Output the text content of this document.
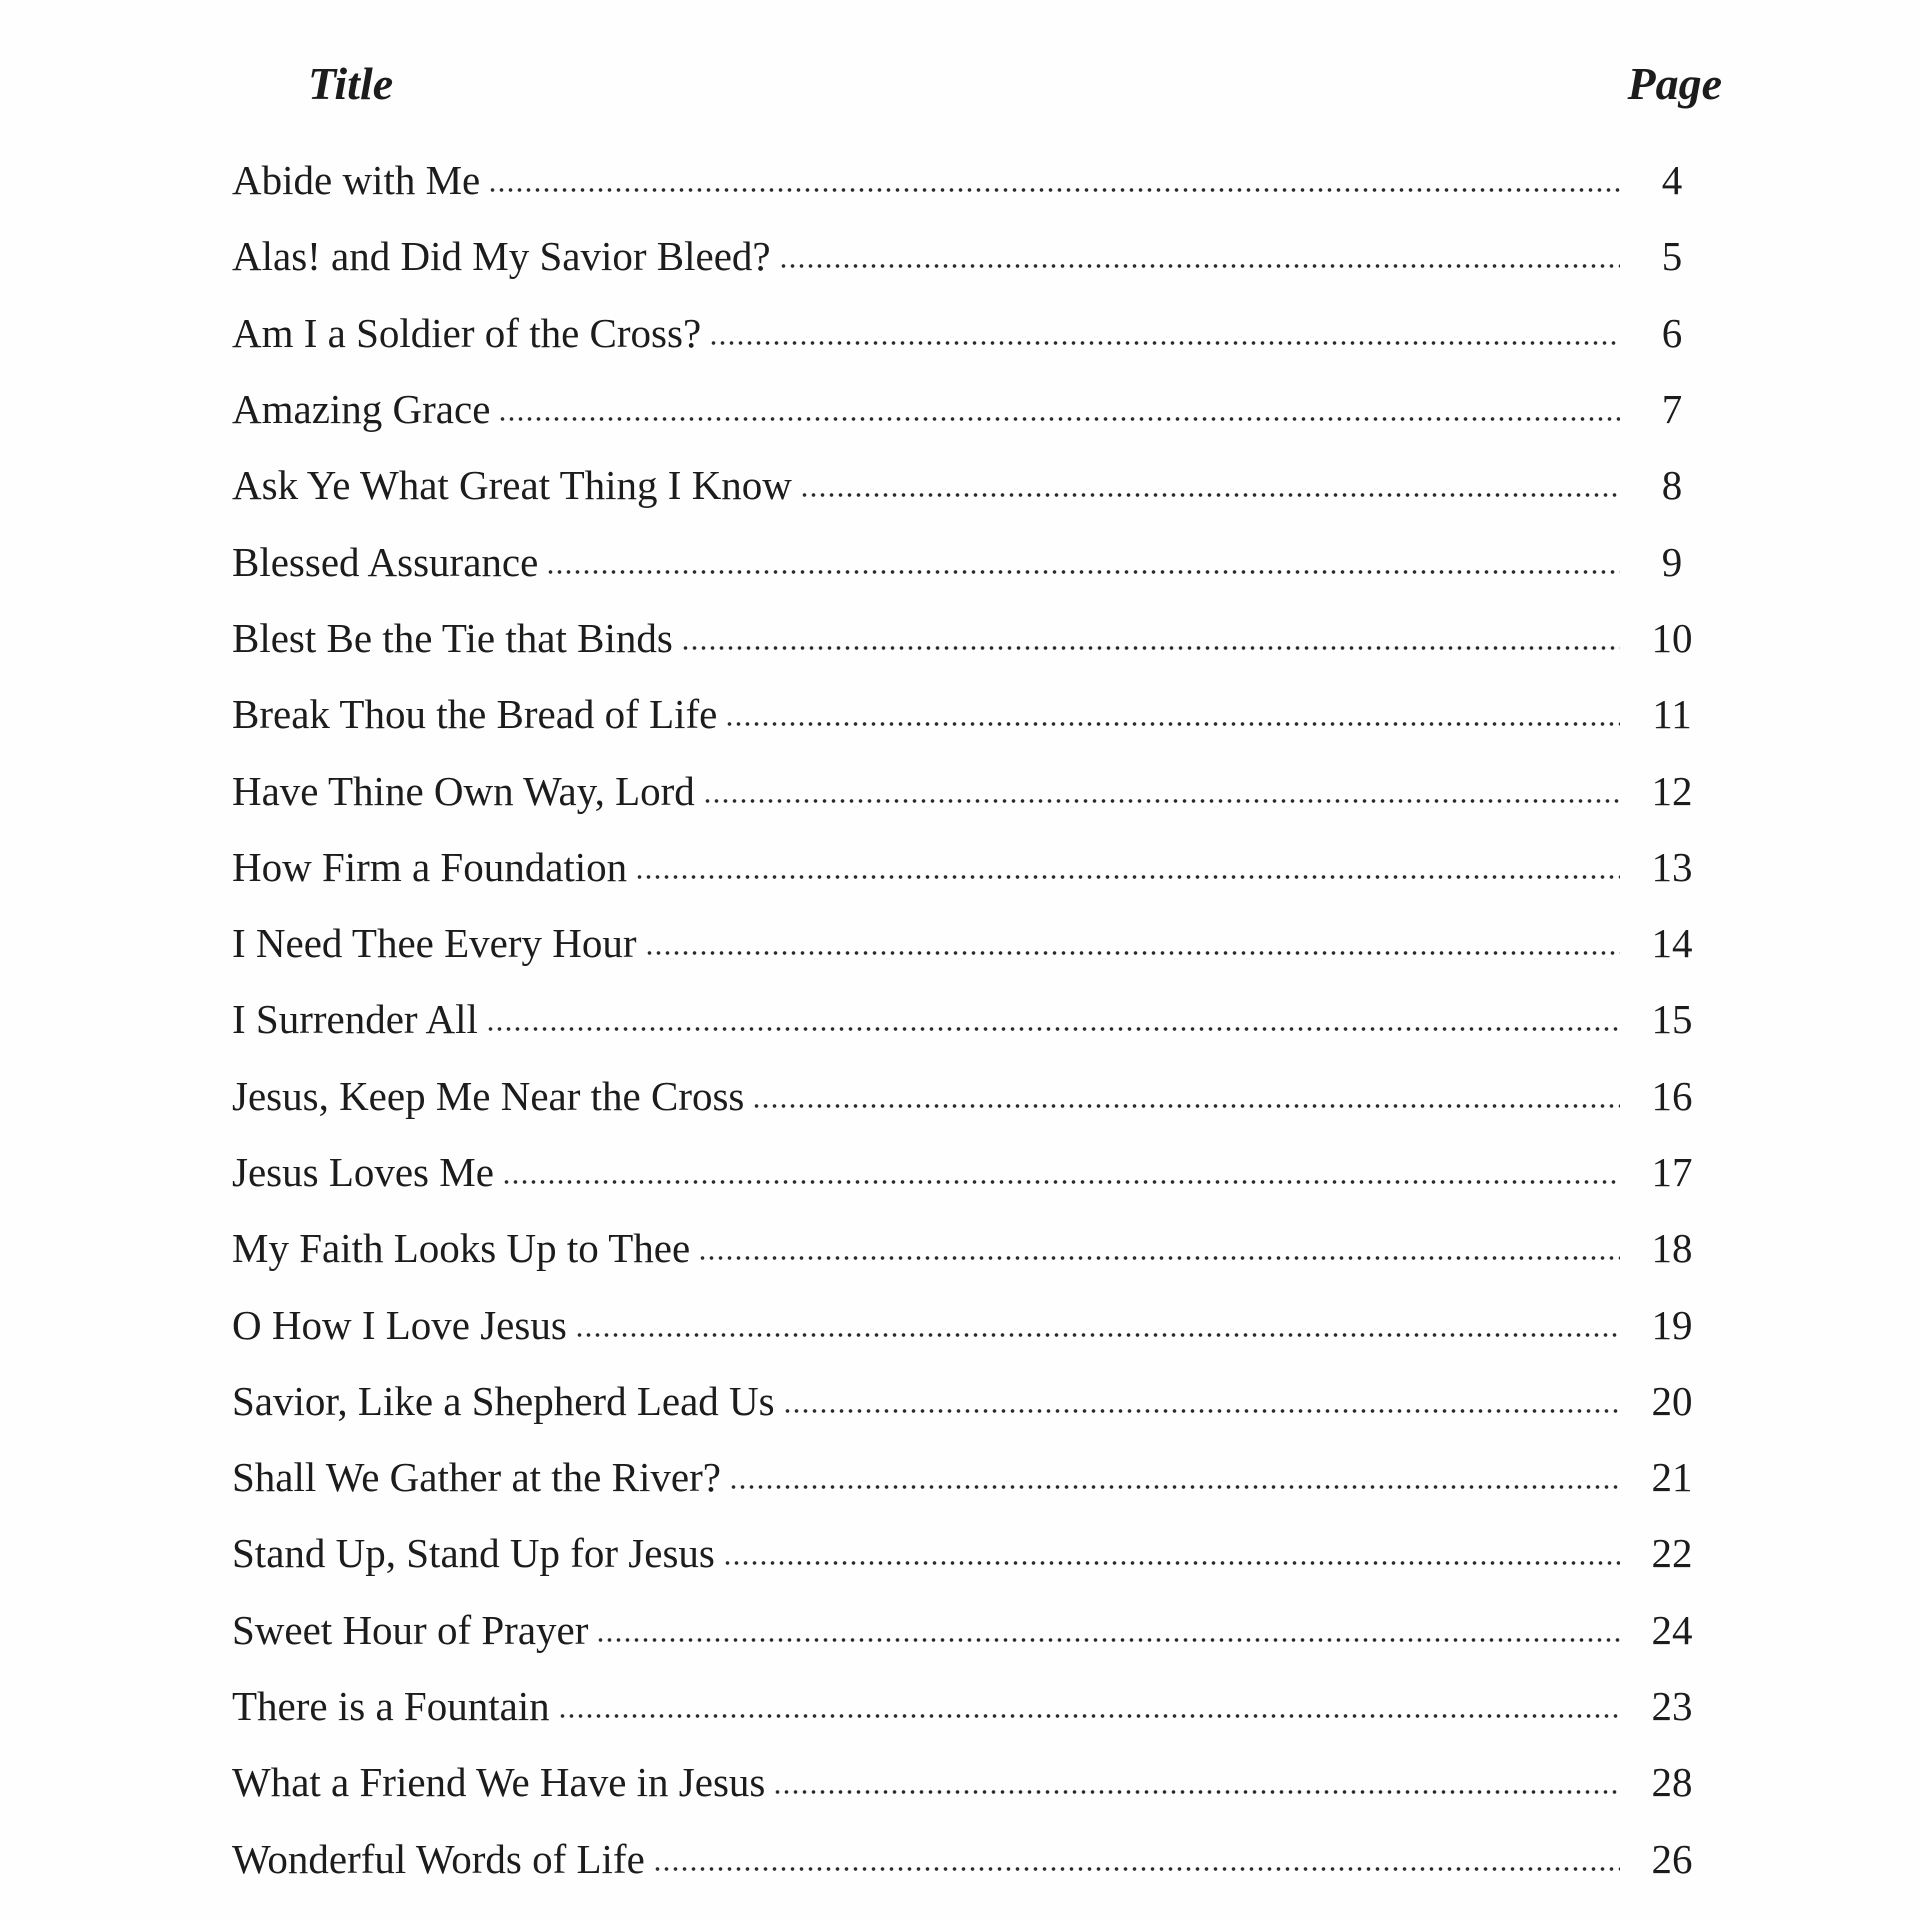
Title	Page
Abide with Me	4
Alas! and Did My Savior Bleed?	5
Am I a Soldier of the Cross?	6
Amazing Grace	7
Ask Ye What Great Thing I Know	8
Blessed Assurance	9
Blest Be the Tie that Binds	10
Break Thou the Bread of Life	11
Have Thine Own Way, Lord	12
How Firm a Foundation	13
I Need Thee Every Hour	14
I Surrender All	15
Jesus, Keep Me Near the Cross	16
Jesus Loves Me	17
My Faith Looks Up to Thee	18
O How I Love Jesus	19
Savior, Like a Shepherd Lead Us	20
Shall We Gather at the River?	21
Stand Up, Stand Up for Jesus	22
Sweet Hour of Prayer	24
There is a Fountain	23
What a Friend We Have in Jesus	28
Wonderful Words of Life	26
